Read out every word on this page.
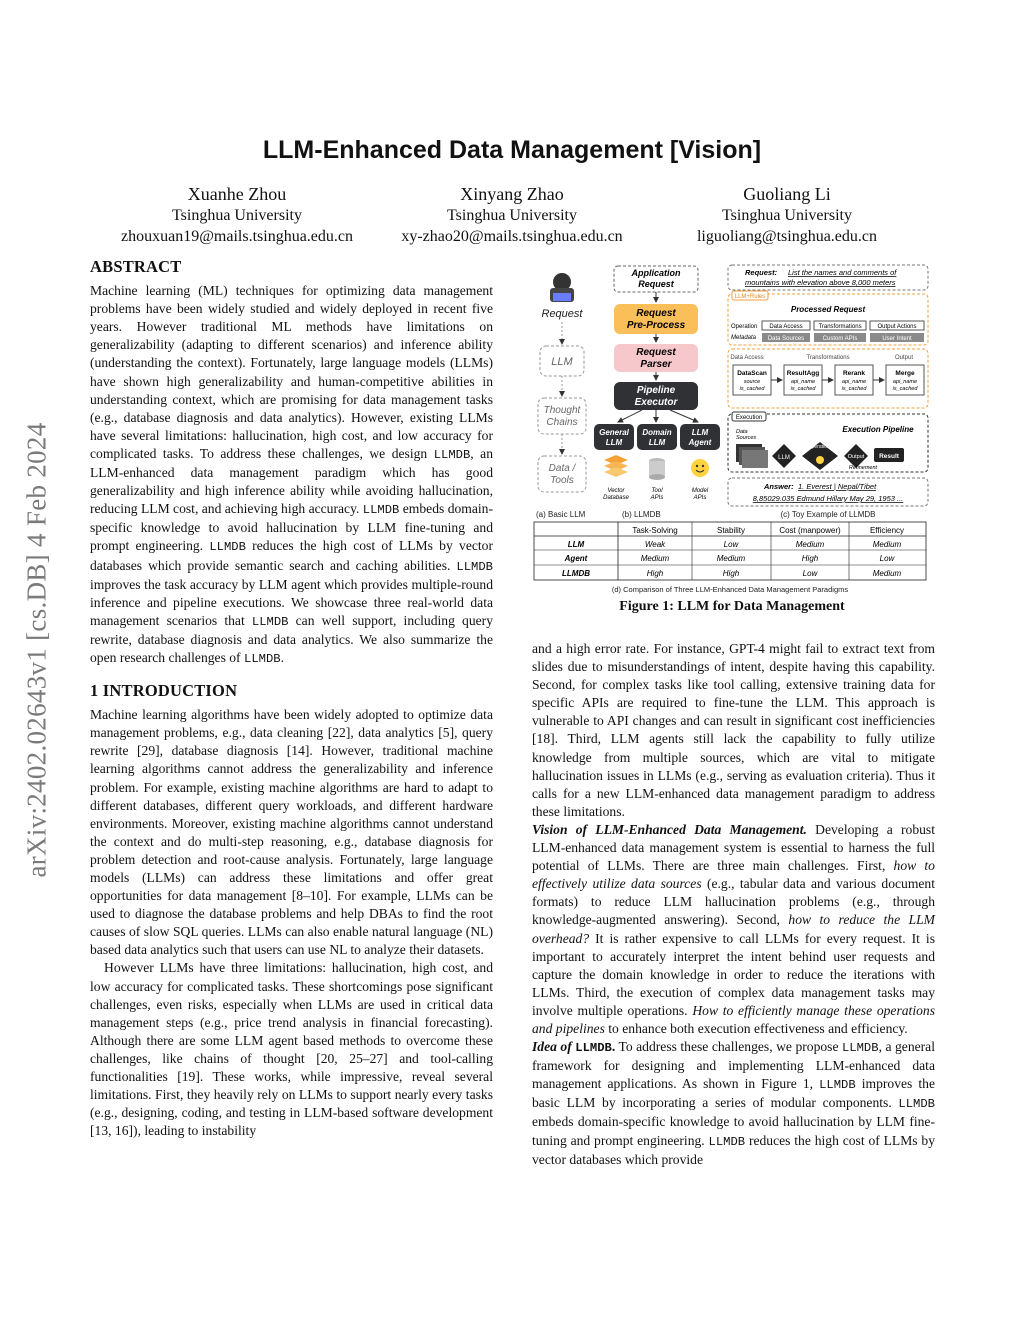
arXiv:2402.02643v1 [cs.DB] 4 Feb 2024
LLM-Enhanced Data Management [Vision]
Xuanhe Zhou
Tsinghua University
zhouxuan19@mails.tsinghua.edu.cn
Xinyang Zhao
Tsinghua University
xy-zhao20@mails.tsinghua.edu.cn
Guoliang Li
Tsinghua University
liguoliang@tsinghua.edu.cn
ABSTRACT

Machine learning (ML) techniques for optimizing data management problems have been widely studied and widely deployed in recent five years. However traditional ML methods have limitations on generalizability (adapting to different scenarios) and inference ability (understanding the context). Fortunately, large language models (LLMs) have shown high generalizability and human-competitive abilities in understanding context, which are promising for data management tasks (e.g., database diagnosis and data analytics). However, existing LLMs have several limitations: hallucination, high cost, and low accuracy for complicated tasks. To address these challenges, we design LLMDB, an LLM-enhanced data management paradigm which has good generalizability and high inference ability while avoiding hallucination, reducing LLM cost, and achieving high accuracy. LLMDB embeds domain-specific knowledge to avoid hallucination by LLM fine-tuning and prompt engineering. LLMDB reduces the high cost of LLMs by vector databases which provide semantic search and caching abilities. LLMDB improves the task accuracy by LLM agent which provides multiple-round inference and pipeline executions. We showcase three real-world data management scenarios that LLMDB can well support, including query rewrite, database diagnosis and data analytics. We also summarize the open research challenges of LLMDB.

1 INTRODUCTION

Machine learning algorithms have been widely adopted to optimize data management problems, e.g., data cleaning [22], data analytics [5], query rewrite [29], database diagnosis [14]. However, traditional machine learning algorithms cannot address the generalizability and inference problem. For example, existing machine algorithms are hard to adapt to different databases, different query workloads, and different hardware environments. Moreover, existing machine algorithms cannot understand the context and do multi-step reasoning, e.g., database diagnosis for problem detection and root-cause analysis. Fortunately, large language models (LLMs) can address these limitations and offer great opportunities for data management [8–10]. For example, LLMs can be used to diagnose the database problems and help DBAs to find the root causes of slow SQL queries. LLMs can also enable natural language (NL) based data analytics such that users can use NL to analyze their datasets.

However LLMs have three limitations: hallucination, high cost, and low accuracy for complicated tasks. These shortcomings pose significant challenges, even risks, especially when LLMs are used in critical data management steps (e.g., price trend analysis in financial forecasting). Although there are some LLM agent based methods to overcome these challenges, like chains of thought [20, 25–27] and tool-calling functionalities [19]. These works, while impressive, reveal several limitations. First, they heavily rely on LLMs to support nearly every tasks (e.g., designing, coding, and testing in LLM-based software development [13, 16]), leading to instability

Request
LLM
Thought
Chains
Data /
Tools
(a) Basic LLM
Application
Request
Request
Pre-Process
Request
Parser
Pipeline
Executor
General
LLM
Domain
LLM
LLM
Agent
Vector
Database
Tool
APIs
Model
APIs
(b) LLMDB
Request: List the names and comments of
mountains with elevation above 8,000 meters
LLM+Rules
Processed Request
Operation
Metadata
Data Access	Transformations	Output Actions
Data Sources	Custom APIs	User Intent
Data Access	Transformations	Output
DataScan
source
is_cached
ResultAgg
api_name
is_cached
Rerank
api_name
is_cached
Merge
api_name
is_cached
Execution
Execution Pipeline
Data
Sources
LLM
Operations
Output Result
Refinement
Answer: 1. Everest | Nepal/Tibet
8,85029.035 Edmund Hillary May 29, 1953 ...
(c) Toy Example of LLMDB
Task-Solving	Stability	Cost (manpower)	Efficiency
LLM	Weak	Low	Medium	Medium
Agent	Medium	Medium	High	Low
LLMDB	High	High	Low	Medium
(d) Comparison of Three LLM-Enhanced Data Management Paradigms
Figure 1: LLM for Data Management

and a high error rate. For instance, GPT-4 might fail to extract text from slides due to misunderstandings of intent, despite having this capability. Second, for complex tasks like tool calling, extensive training data for specific APIs are required to fine-tune the LLM. This approach is vulnerable to API changes and can result in significant cost inefficiencies [18]. Third, LLM agents still lack the capability to fully utilize knowledge from multiple sources, which are vital to mitigate hallucination issues in LLMs (e.g., serving as evaluation criteria). Thus it calls for a new LLM-enhanced data management paradigm to address these limitations.

Vision of LLM-Enhanced Data Management. Developing a robust LLM-enhanced data management system is essential to harness the full potential of LLMs. There are three main challenges. First, how to effectively utilize data sources (e.g., tabular data and various document formats) to reduce LLM hallucination problems (e.g., through knowledge-augmented answering). Second, how to reduce the LLM overhead? It is rather expensive to call LLMs for every request. It is important to accurately interpret the intent behind user requests and capture the domain knowledge in order to reduce the iterations with LLMs. Third, the execution of complex data management tasks may involve multiple operations. How to efficiently manage these operations and pipelines to enhance both execution effectiveness and efficiency.

Idea of LLMDB. To address these challenges, we propose LLMDB, a general framework for designing and implementing LLM-enhanced data management applications. As shown in Figure 1, LLMDB improves the basic LLM by incorporating a series of modular components. LLMDB embeds domain-specific knowledge to avoid hallucination by LLM fine-tuning and prompt engineering. LLMDB reduces the high cost of LLMs by vector databases which provide
